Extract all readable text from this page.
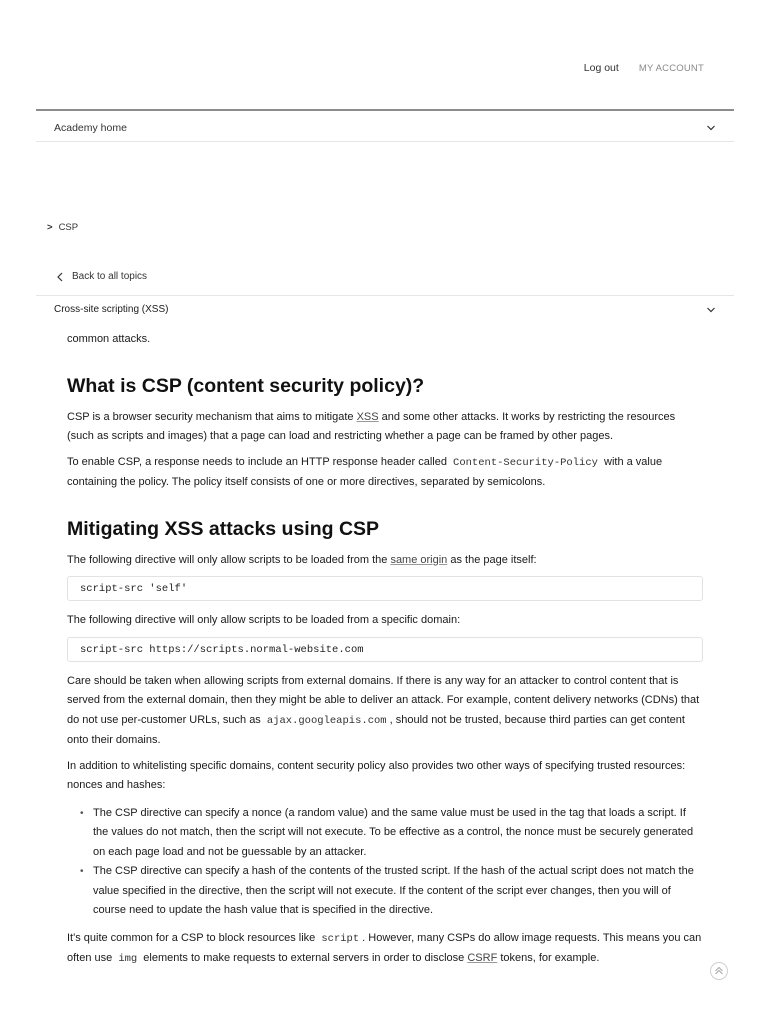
Log out MY ACCOUNT
Academy home
> CSP
Back to all topics
Cross-site scripting (XSS)

common attacks.

What is CSP (content security policy)?

CSP is a browser security mechanism that aims to mitigate XSS and some other attacks. It works by restricting the resources (such as scripts and images) that a page can load and restricting whether a page can be framed by other pages.

To enable CSP, a response needs to include an HTTP response header called Content-Security-Policy with a value containing the policy. The policy itself consists of one or more directives, separated by semicolons.

Mitigating XSS attacks using CSP

The following directive will only allow scripts to be loaded from the same origin as the page itself:

script-src 'self'

The following directive will only allow scripts to be loaded from a specific domain:

script-src https://scripts.normal-website.com

Care should be taken when allowing scripts from external domains. If there is any way for an attacker to control content that is served from the external domain, then they might be able to deliver an attack. For example, content delivery networks (CDNs) that do not use per-customer URLs, such as ajax.googleapis.com , should not be trusted, because third parties can get content onto their domains.

In addition to whitelisting specific domains, content security policy also provides two other ways of specifying trusted resources: nonces and hashes:

• The CSP directive can specify a nonce (a random value) and the same value must be used in the tag that loads a script. If the values do not match, then the script will not execute. To be effective as a control, the nonce must be securely generated on each page load and not be guessable by an attacker.
• The CSP directive can specify a hash of the contents of the trusted script. If the hash of the actual script does not match the value specified in the directive, then the script will not execute. If the content of the script ever changes, then you will of course need to update the hash value that is specified in the directive.

It's quite common for a CSP to block resources like script . However, many CSPs do allow image requests. This means you can often use img elements to make requests to external servers in order to disclose CSRF tokens, for example.
